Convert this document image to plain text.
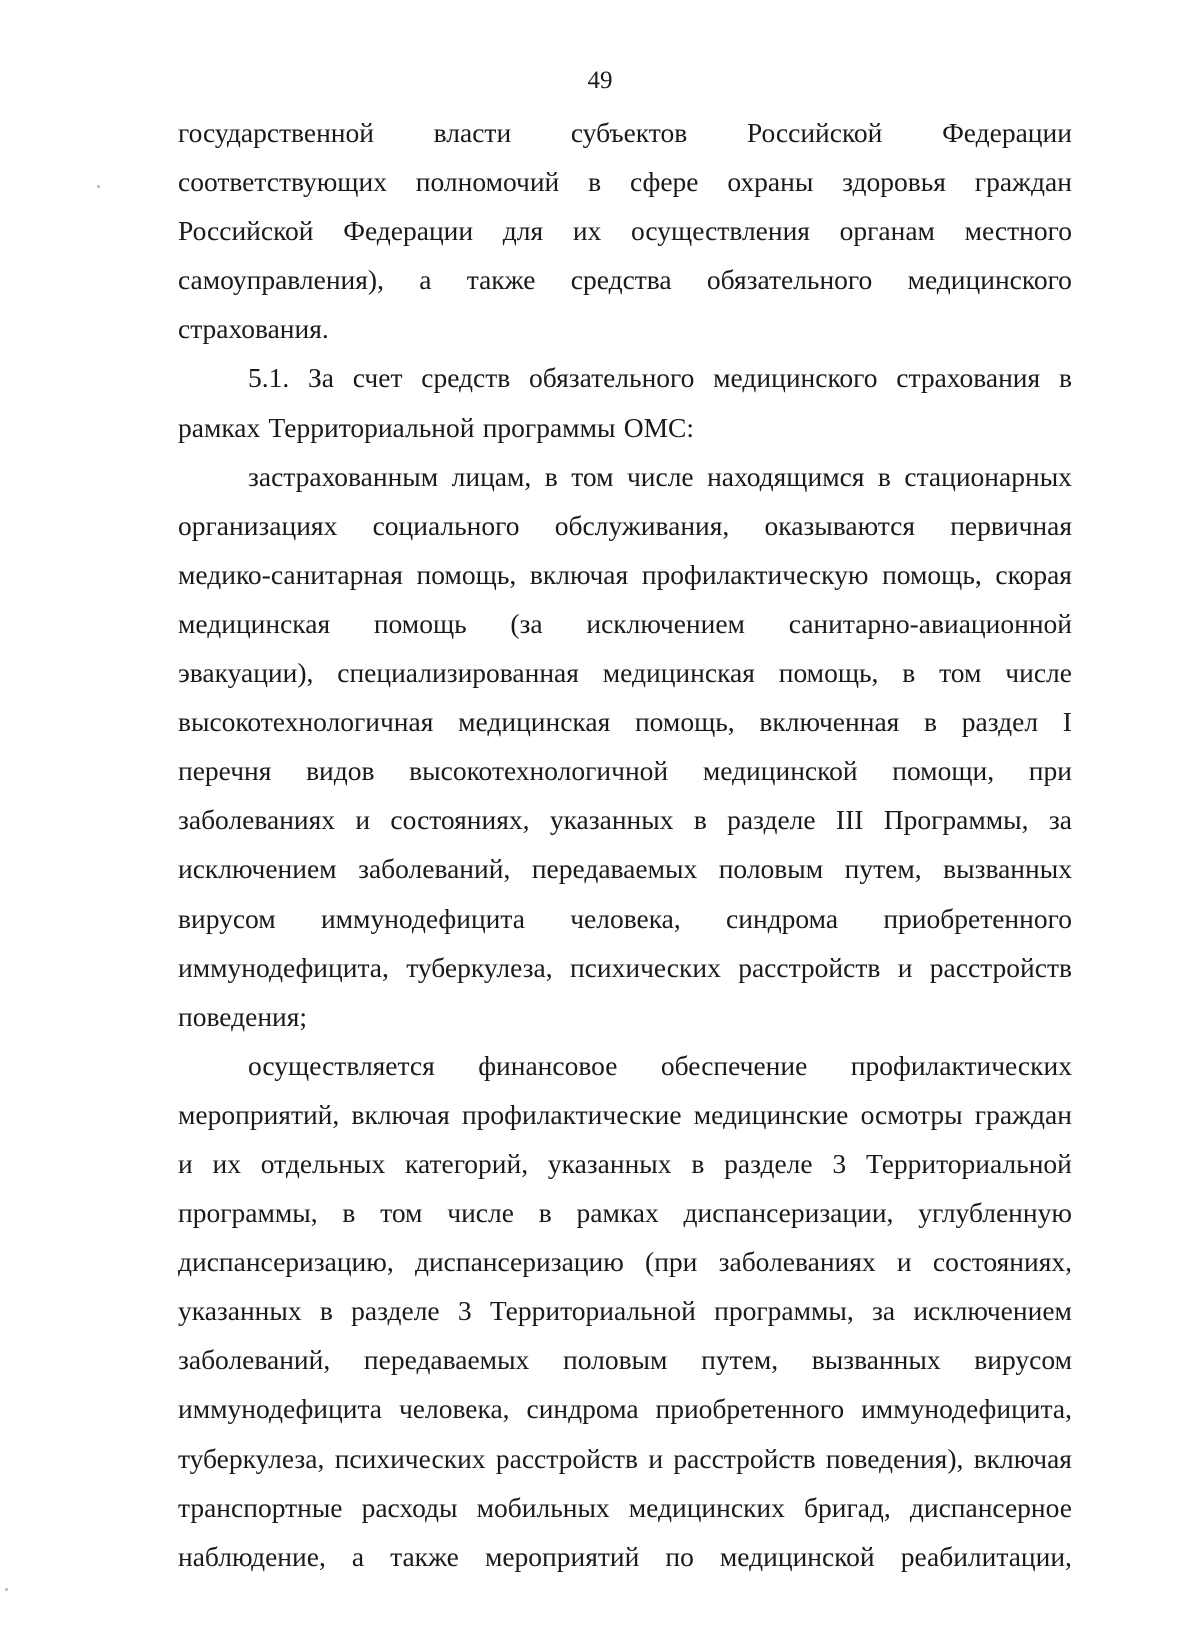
49
государственной власти субъектов Российской Федерации
соответствующих полномочий в сфере охраны здоровья граждан
Российской Федерации для их осуществления органам местного
самоуправления), а также средства обязательного медицинского
страхования.
5.1. За счет средств обязательного медицинского страхования в
рамках Территориальной программы ОМС:
застрахованным лицам, в том числе находящимся в стационарных
организациях социального обслуживания, оказываются первичная
медико-санитарная помощь, включая профилактическую помощь, скорая
медицинская помощь (за исключением санитарно-авиационной
эвакуации), специализированная медицинская помощь, в том числе
высокотехнологичная медицинская помощь, включенная в раздел I
перечня видов высокотехнологичной медицинской помощи, при
заболеваниях и состояниях, указанных в разделе III Программы, за
исключением заболеваний, передаваемых половым путем, вызванных
вирусом иммунодефицита человека, синдрома приобретенного
иммунодефицита, туберкулеза, психических расстройств и расстройств
поведения;
осуществляется финансовое обеспечение профилактических
мероприятий, включая профилактические медицинские осмотры граждан
и их отдельных категорий, указанных в разделе 3 Территориальной
программы, в том числе в рамках диспансеризации, углубленную
диспансеризацию, диспансеризацию (при заболеваниях и состояниях,
указанных в разделе 3 Территориальной программы, за исключением
заболеваний, передаваемых половым путем, вызванных вирусом
иммунодефицита человека, синдрома приобретенного иммунодефицита,
туберкулеза, психических расстройств и расстройств поведения), включая
транспортные расходы мобильных медицинских бригад, диспансерное
наблюдение, а также мероприятий по медицинской реабилитации,
